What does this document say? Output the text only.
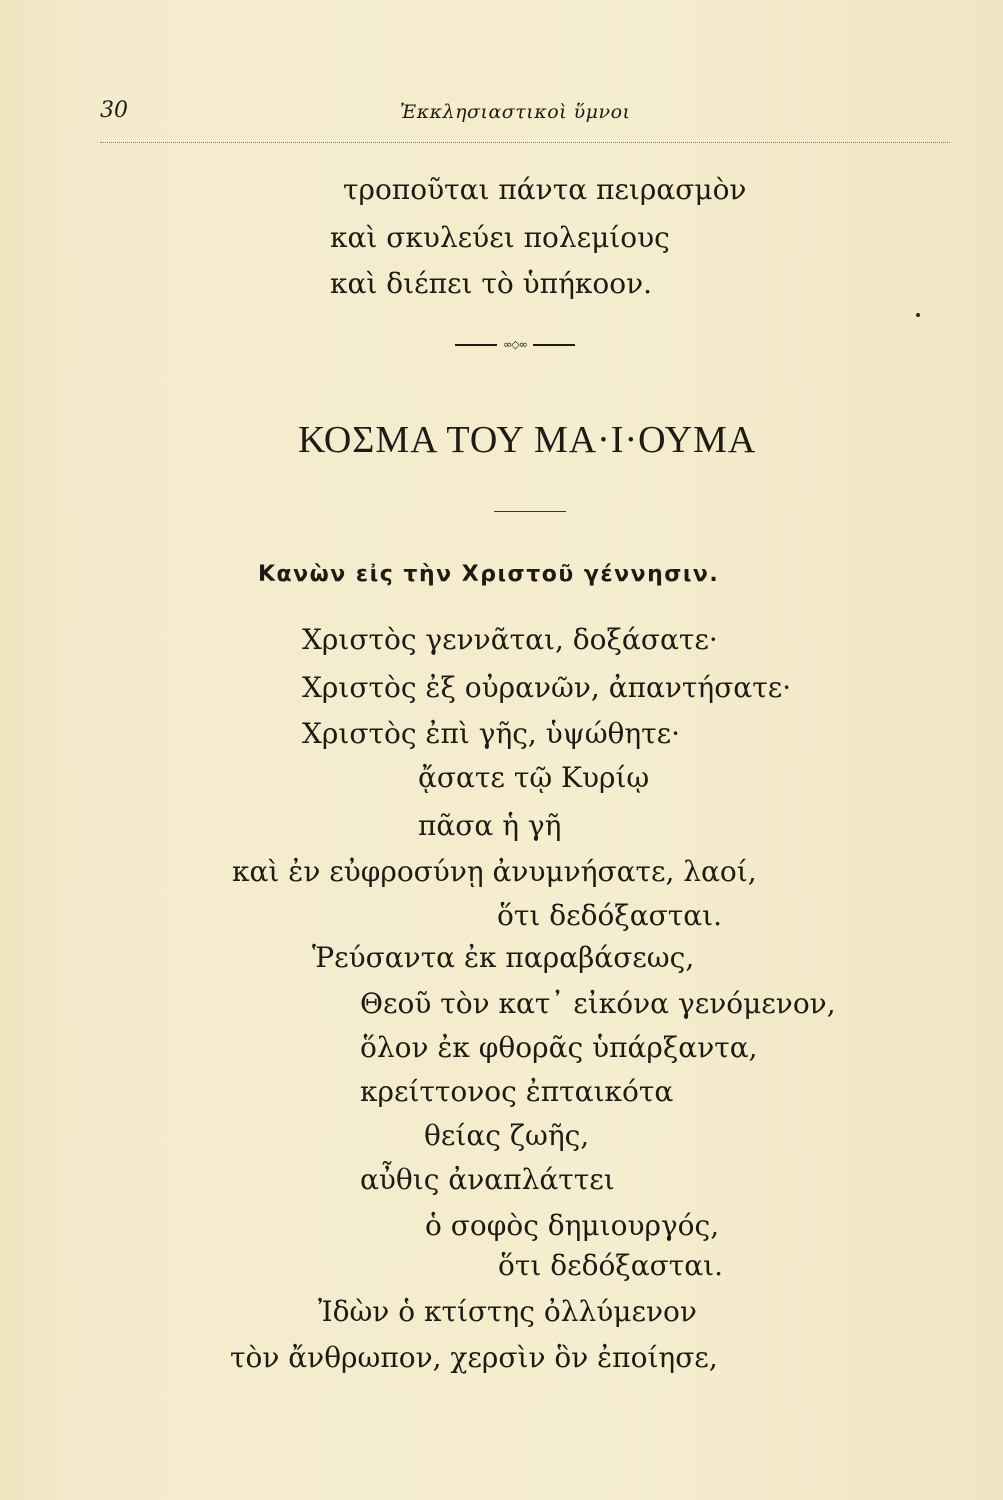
30	Ἐκκλησιαστικοὶ ὕμνοι
τροποῦται πάντα πειρασμὸν
καὶ σκυλεύει πολεμίους
καὶ διέπει τὸ ὑπήκοον.
∞◇∞
ΚΟΣΜΑ ΤΟΥ ΜΑ·Ι·ΟΥΜΑ
Κανὼν εἰς τὴν Χριστοῦ γέννησιν.
Χριστὸς γεννᾶται, δοξάσατε·
Χριστὸς ἐξ οὐρανῶν, ἀπαντήσατε·
Χριστὸς ἐπὶ γῆς, ὑψώθητε·
ᾄσατε τῷ Κυρίῳ
πᾶσα ἡ γῆ
καὶ ἐν εὐφροσύνῃ ἀνυμνήσατε, λαοί,
ὅτι δεδόξασται.
Ῥεύσαντα ἐκ παραβάσεως,
Θεοῦ τὸν κατ᾿ εἰκόνα γενόμενον,
ὅλον ἐκ φθορᾶς ὑπάρξαντα,
κρείττονος ἐπταικότα
θείας ζωῆς,
αὖθις ἀναπλάττει
ὁ σοφὸς δημιουργός,
ὅτι δεδόξασται.
Ἰδὼν ὁ κτίστης ὀλλύμενον
τὸν ἄνθρωπον, χερσὶν ὃν ἐποίησε,
